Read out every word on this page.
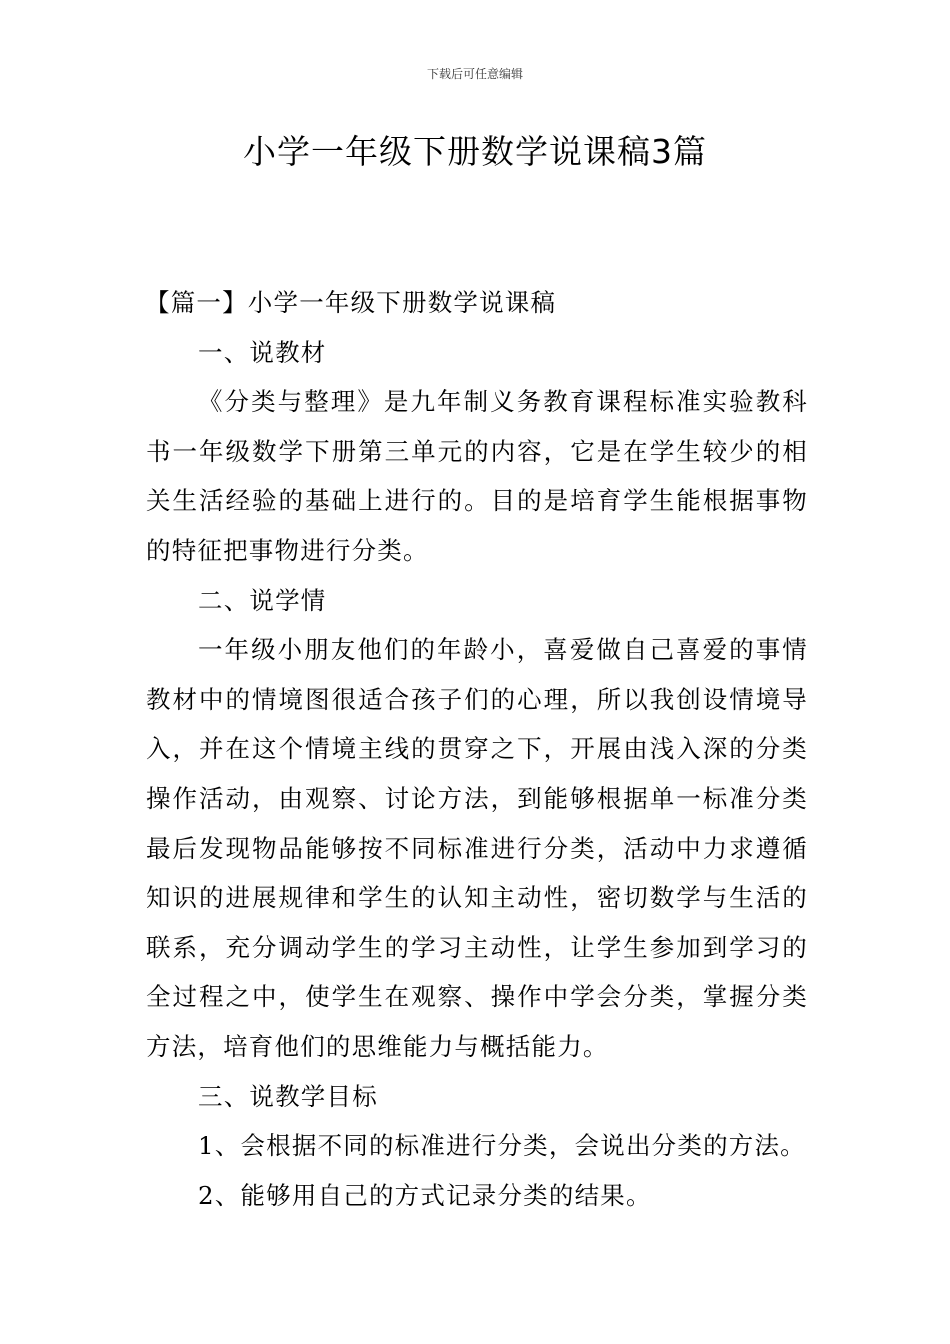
下载后可任意编辑
小学一年级下册数学说课稿3篇

【篇一】小学一年级下册数学说课稿

一、说教材

《分类与整理》是九年制义务教育课程标准实验教科书一年级数学下册第三单元的内容，它是在学生较少的相关生活经验的基础上进行的。目的是培育学生能根据事物的特征把事物进行分类。

二、说学情

一年级小朋友他们的年龄小，喜爱做自己喜爱的事情教材中的情境图很适合孩子们的心理，所以我创设情境导入，并在这个情境主线的贯穿之下，开展由浅入深的分类操作活动，由观察、讨论方法，到能够根据单一标准分类最后发现物品能够按不同标准进行分类，活动中力求遵循知识的进展规律和学生的认知主动性，密切数学与生活的联系，充分调动学生的学习主动性，让学生参加到学习的全过程之中，使学生在观察、操作中学会分类，掌握分类方法，培育他们的思维能力与概括能力。

三、说教学目标

1、会根据不同的标准进行分类，会说出分类的方法。

2、能够用自己的方式记录分类的结果。
